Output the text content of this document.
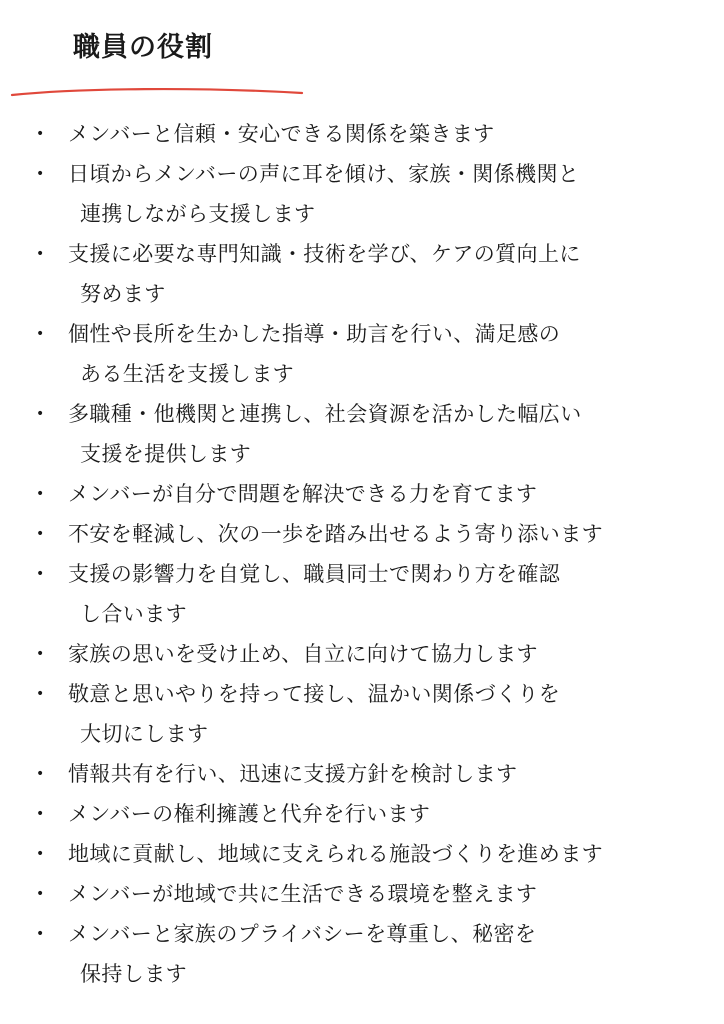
職員の役割
•	メンバーと信頼・安心できる関係を築きます
•	日頃からメンバーの声に耳を傾け、家族・関係機関と
連携しながら支援します
•	支援に必要な専門知識・技術を学び、ケアの質向上に
努めます
•	個性や長所を生かした指導・助言を行い、満足感の
ある生活を支援します
•	多職種・他機関と連携し、社会資源を活かした幅広い
支援を提供します
•	メンバーが自分で問題を解決できる力を育てます
•	不安を軽減し、次の一歩を踏み出せるよう寄り添います
•	支援の影響力を自覚し、職員同士で関わり方を確認
し合います
•	家族の思いを受け止め、自立に向けて協力します
•	敬意と思いやりを持って接し、温かい関係づくりを
大切にします
•	情報共有を行い、迅速に支援方針を検討します
•	メンバーの権利擁護と代弁を行います
•	地域に貢献し、地域に支えられる施設づくりを進めます
•	メンバーが地域で共に生活できる環境を整えます
•	メンバーと家族のプライバシーを尊重し、秘密を
保持します
